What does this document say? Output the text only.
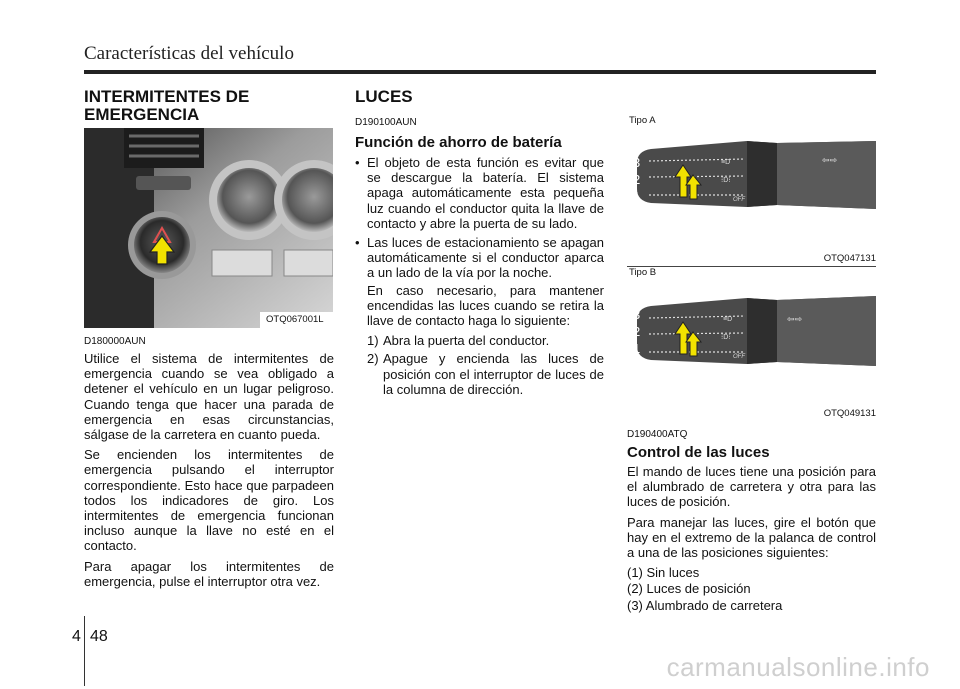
Características del vehículo
INTERMITENTES DE
EMERGENCIA
OTQ067001L
D180000AUN

Utilice el sistema de intermitentes de emergencia cuando se vea obligado a detener el vehículo en un lugar peligroso. Cuando tenga que hacer una parada de emergencia en esas circunstancias, sálgase de la carretera en cuanto pueda.

Se encienden los intermitentes de emergencia pulsando el interruptor correspondiente. Esto hace que parpadeen todos los indicadores de giro. Los intermitentes de emergencia funcionan incluso aunque la llave no esté en el contacto.

Para apagar los intermitentes de emergencia, pulse el interruptor otra vez.

LUCES
D190100AUN
Función de ahorro de batería

• El objeto de esta función es evitar que se descargue la batería. El sistema apaga automáticamente esta pequeña luz cuando el conductor quita la llave de contacto y abre la puerta de su lado.

• Las luces de estacionamiento se apagan automáticamente si el conductor aparca a un lado de la vía por la noche.

En caso necesario, para mantener encendidas las luces cuando se retira la llave de contacto haga lo siguiente:

1) Abra la puerta del conductor.
2) Apague y encienda las luces de posición con el interruptor de luces de la columna de dirección.
≡D
⁝D⁝
OFF
⇦⇨
Tipo A
3
2
1
OTQ047131
≡D
⁝D⁝
OFF
⇦⇨
Tipo B
3
2
1
OTQ049131
D190400ATQ
Control de las luces

El mando de luces tiene una posición para el alumbrado de carretera y otra para las luces de posición.

Para manejar las luces, gire el botón que hay en el extremo de la palanca de control a una de las posiciones siguientes:

(1) Sin luces
(2) Luces de posición
(3) Alumbrado de carretera
4 48
carmanualsonline.info
